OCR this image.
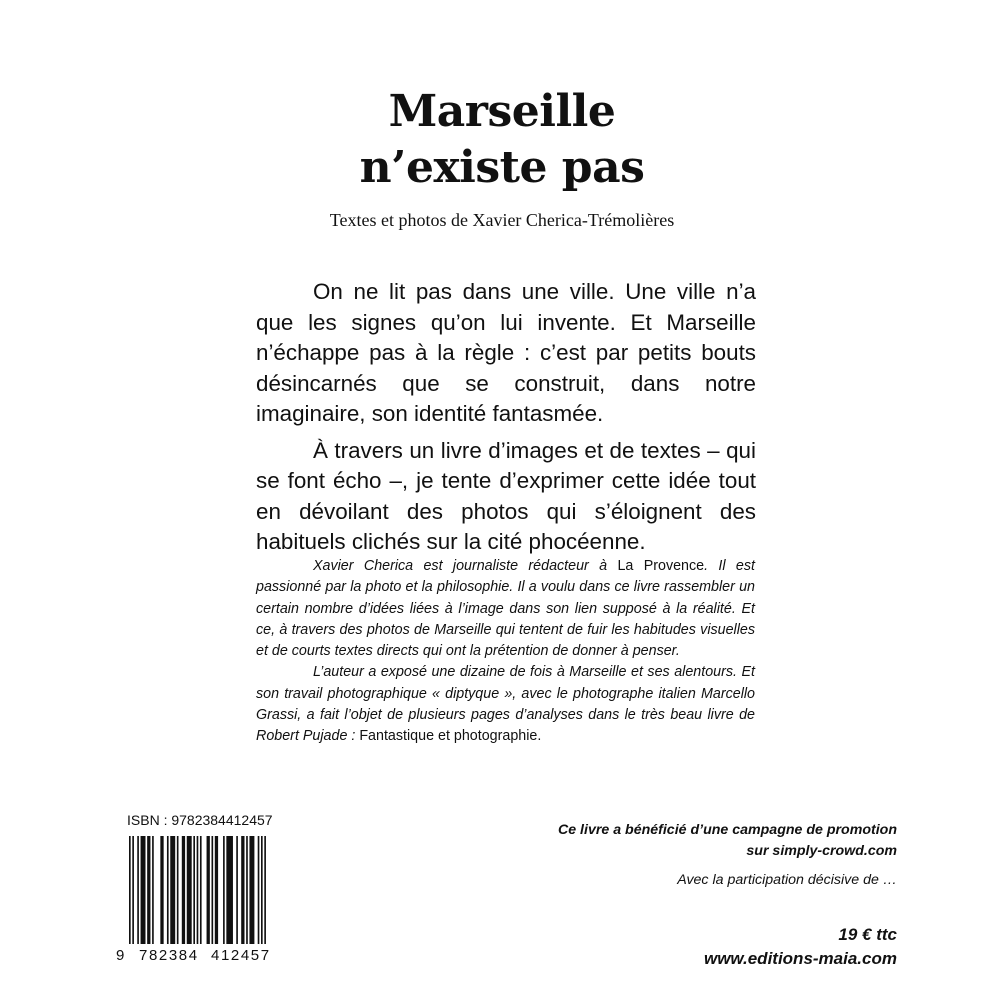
Marseille
n’existe pas
Textes et photos de Xavier Cherica-Trémolières

On ne lit pas dans une ville. Une ville n’a que les signes qu’on lui invente. Et Marseille n’échappe pas à la règle : c’est par petits bouts désincarnés que se construit, dans notre imaginaire, son identité fantasmée.

À travers un livre d’images et de textes – qui se font écho –, je tente d’exprimer cette idée tout en dévoilant des photos qui s’éloignent des habituels clichés sur la cité phocéenne.

Xavier Cherica est journaliste rédacteur à La Provence. Il est passionné par la photo et la philosophie. Il a voulu dans ce livre rassembler un certain nombre d’idées liées à l’image dans son lien supposé à la réalité. Et ce, à travers des photos de Marseille qui tentent de fuir les habitudes visuelles et de courts textes directs qui ont la prétention de donner à penser.

L’auteur a exposé une dizaine de fois à Marseille et ses alentours. Et son travail photographique « diptyque », avec le photographe italien Marcello Grassi, a fait l’objet de plusieurs pages d’analyses dans le très beau livre de Robert Pujade : Fantastique et photographie.

ISBN : 9782384412457
9 782384 412457
Ce livre a bénéficié d’une campagne de promotion
sur simply-crowd.com
Avec la participation décisive de …
19 € ttc
www.editions-maia.com
